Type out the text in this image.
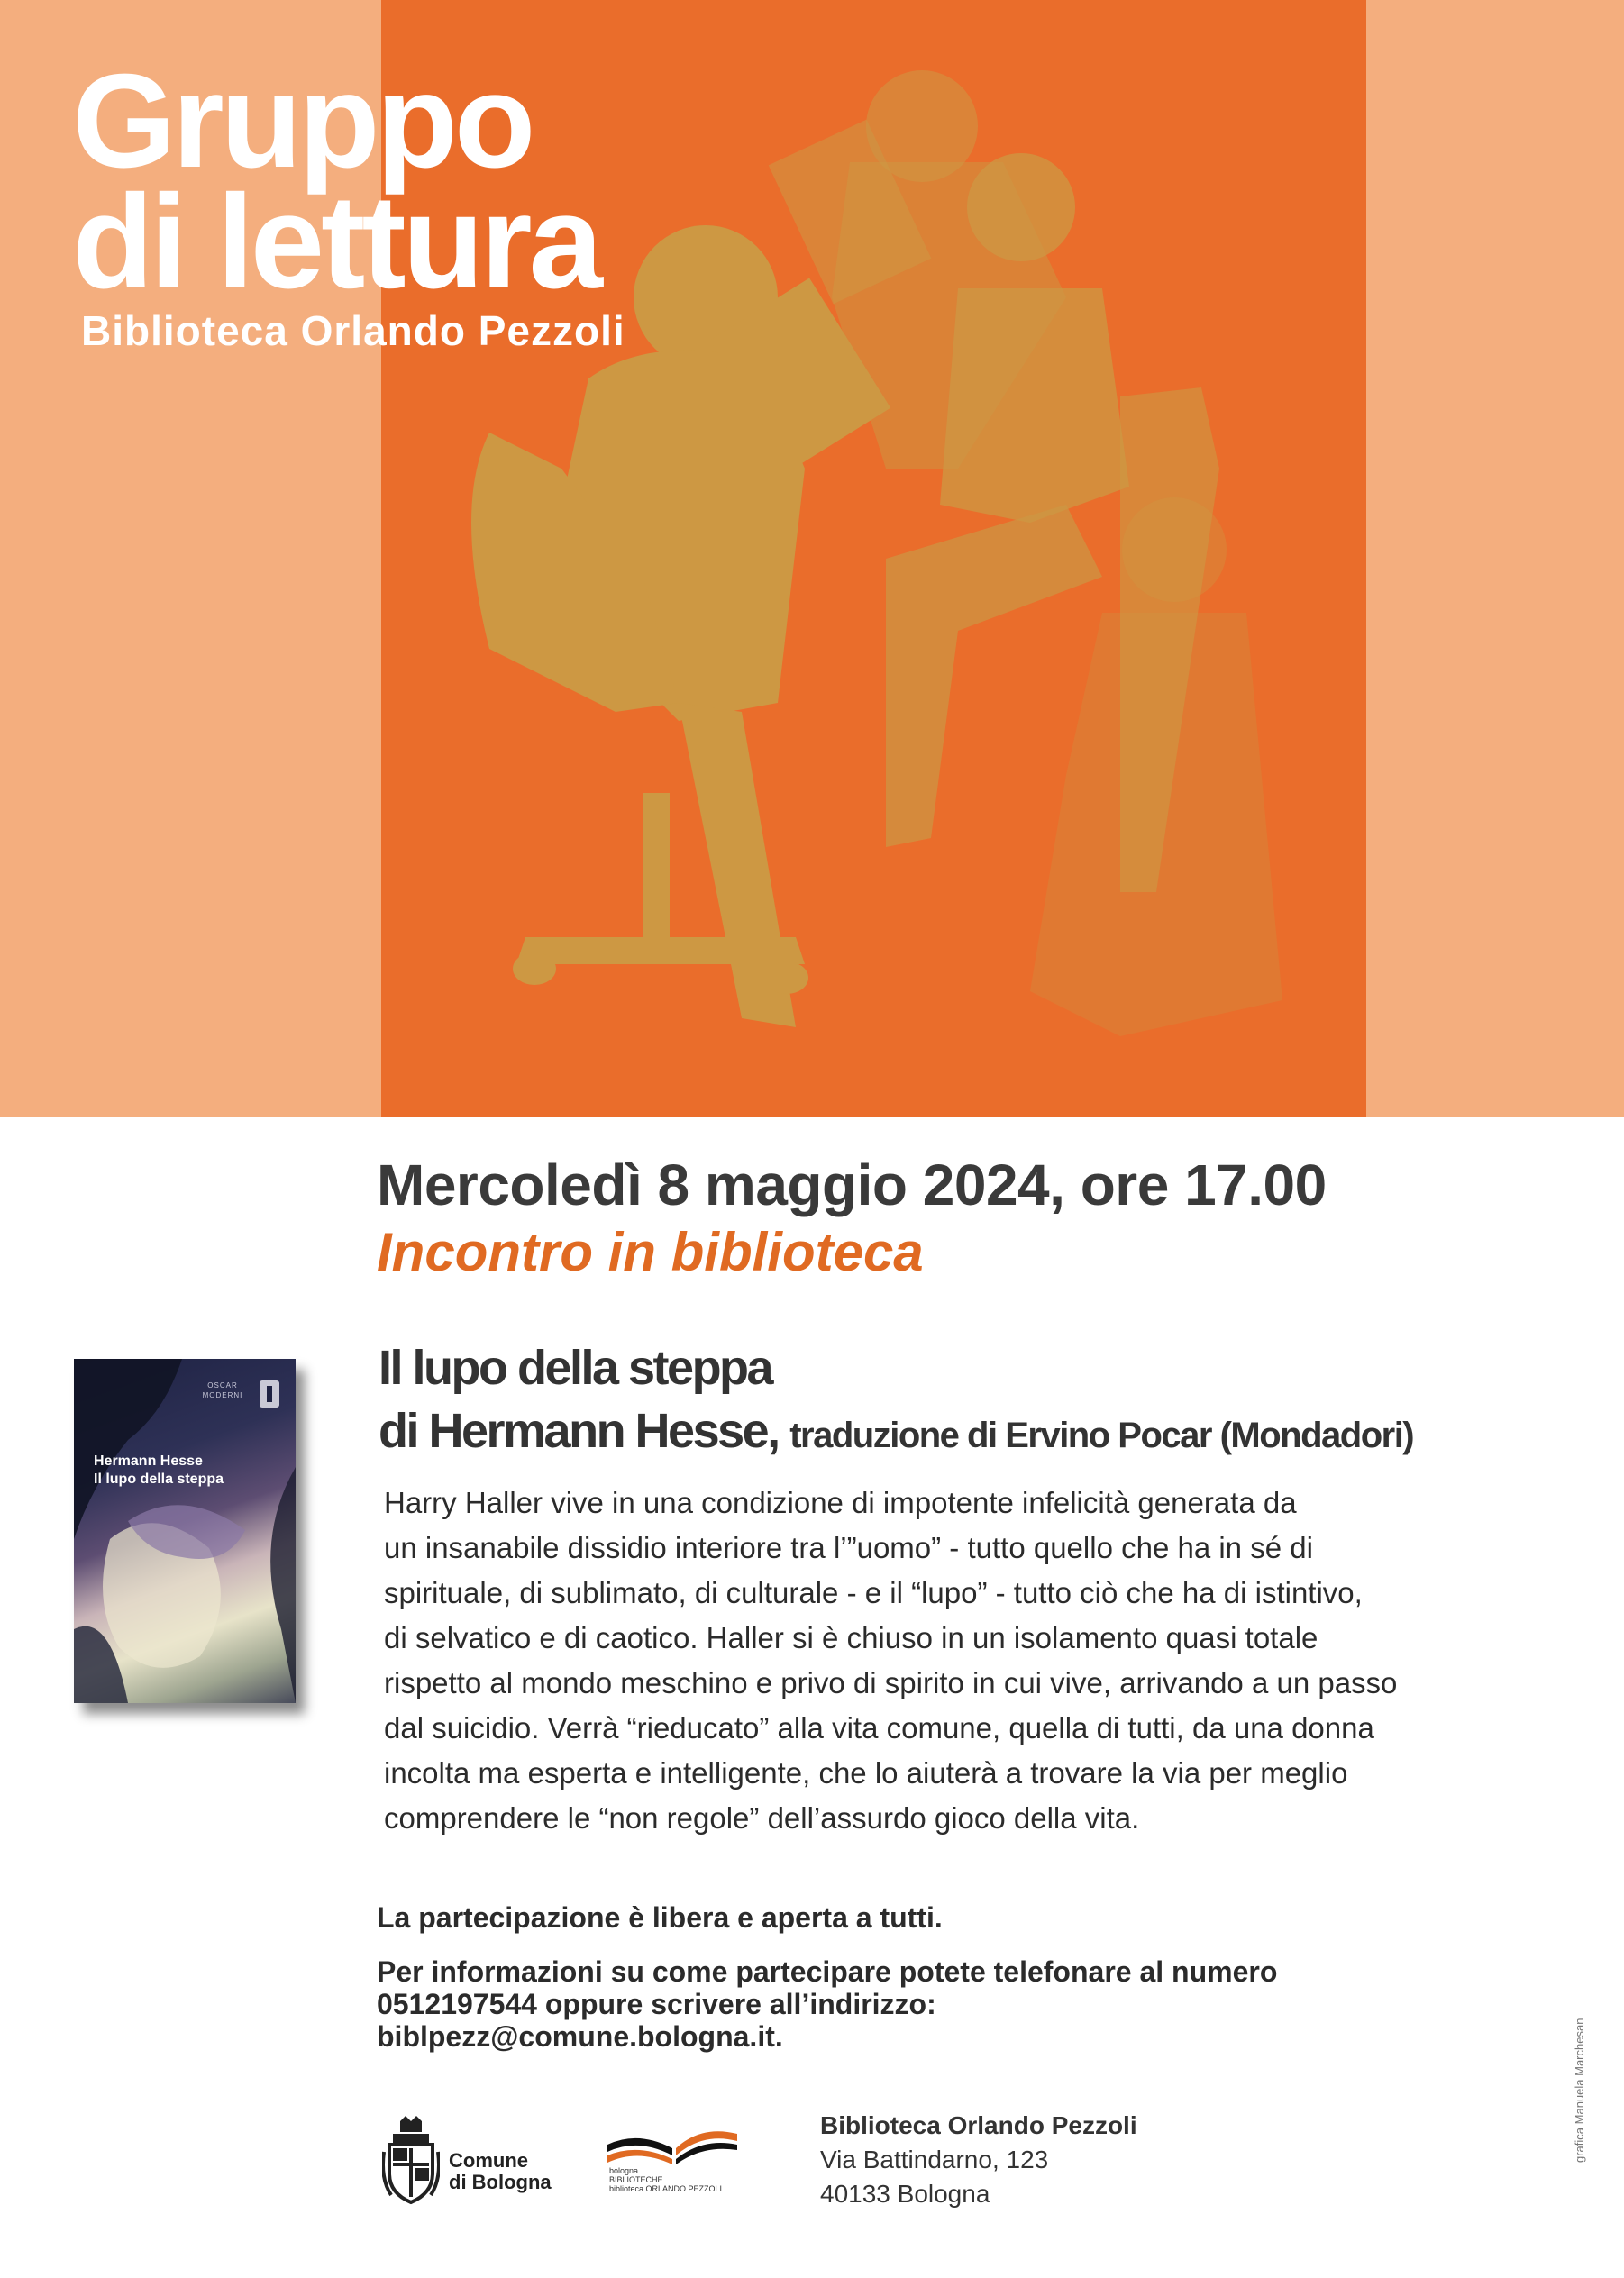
Gruppo
di lettura
Biblioteca Orlando Pezzoli
Mercoledì 8 maggio 2024, ore 17.00
Incontro in biblioteca
OSCAR
MODERNI
Hermann Hesse
Il lupo della steppa
Il lupo della steppa
di Hermann Hesse, traduzione di Ervino Pocar (Mondadori)
Harry Haller vive in una condizione di impotente infelicità generata da
un insanabile dissidio interiore tra l’”uomo” - tutto quello che ha in sé di
spirituale, di sublimato, di culturale - e il “lupo” - tutto ciò che ha di istintivo,
di selvatico e di caotico. Haller si è chiuso in un isolamento quasi totale
rispetto al mondo meschino e privo di spirito in cui vive, arrivando a un passo
dal suicidio. Verrà “rieducato” alla vita comune, quella di tutti, da una donna
incolta ma esperta e intelligente, che lo aiuterà a trovare la via per meglio
comprendere le “non regole” dell’assurdo gioco della vita.
La partecipazione è libera e aperta a tutti.
Per informazioni su come partecipare potete telefonare al numero
0512197544 oppure scrivere all’indirizzo:
biblpezz@comune.bologna.it.
Comune
di Bologna	bologna
BIBLIOTECHE
biblioteca ORLANDO PEZZOLI
Biblioteca Orlando Pezzoli
Via Battindarno, 123
40133 Bologna
grafica Manuela Marchesan
